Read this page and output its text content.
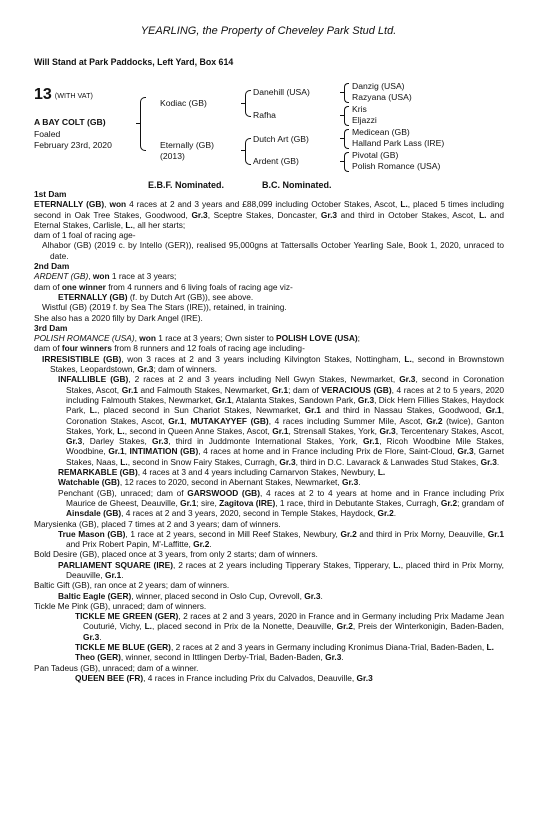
YEARLING, the Property of Cheveley Park Stud Ltd.
Will Stand at Park Paddocks, Left Yard, Box 614
13 (WITH VAT)
A BAY COLT (GB)
Foaled
February 23rd, 2020
Kodiac (GB)
Eternally (GB)
(2013)
Danehill (USA)
Rafha
Dutch Art (GB)
Ardent (GB)
Danzig (USA)
Razyana (USA)
Kris
Eljazzi
Medicean (GB)
Halland Park Lass (IRE)
Pivotal (GB)
Polish Romance (USA)
E.B.F. Nominated.	B.C. Nominated.
1st Dam
ETERNALLY (GB), won 4 races at 2 and 3 years and £88,099 including October Stakes, Ascot, L., placed 5 times including second in Oak Tree Stakes, Goodwood, Gr.3, Sceptre Stakes, Doncaster, Gr.3 and third in October Stakes, Ascot, L. and Eternal Stakes, Carlisle, L., all her starts;
dam of 1 foal of racing age-
Alhabor (GB) (2019 c. by Intello (GER)), realised 95,000gns at Tattersalls October Yearling Sale, Book 1, 2020, unraced to date.
2nd Dam
ARDENT (GB), won 1 race at 3 years;
dam of one winner from 4 runners and 6 living foals of racing age viz-
ETERNALLY (GB) (f. by Dutch Art (GB)), see above.
Wistful (GB) (2019 f. by Sea The Stars (IRE)), retained, in training.
She also has a 2020 filly by Dark Angel (IRE).
3rd Dam
POLISH ROMANCE (USA), won 1 race at 3 years; Own sister to POLISH LOVE (USA);
dam of four winners from 8 runners and 12 foals of racing age including-
IRRESISTIBLE (GB), won 3 races at 2 and 3 years including Kilvington Stakes, Nottingham, L., second in Brownstown Stakes, Leopardstown, Gr.3; dam of winners.
INFALLIBLE (GB), 2 races at 2 and 3 years including Nell Gwyn Stakes, Newmarket, Gr.3, second in Coronation Stakes, Ascot, Gr.1 and Falmouth Stakes, Newmarket, Gr.1; dam of VERACIOUS (GB), 4 races at 2 to 5 years, 2020 including Falmouth Stakes, Newmarket, Gr.1, Atalanta Stakes, Sandown Park, Gr.3, Dick Hern Fillies Stakes, Haydock Park, L., placed second in Sun Chariot Stakes, Newmarket, Gr.1 and third in Nassau Stakes, Goodwood, Gr.1, Coronation Stakes, Ascot, Gr.1, MUTAKAYYEF (GB), 4 races including Summer Mile, Ascot, Gr.2 (twice), Ganton Stakes, York, L., second in Queen Anne Stakes, Ascot, Gr.1, Strensall Stakes, York, Gr.3, Tercentenary Stakes, Ascot, Gr.3, Darley Stakes, Gr.3, third in Juddmonte International Stakes, York, Gr.1, Ricoh Woodbine Mile Stakes, Woodbine, Gr.1, INTIMATION (GB), 4 races at home and in France including Prix de Flore, Saint-Cloud, Gr.3, Garnet Stakes, Naas, L., second in Snow Fairy Stakes, Curragh, Gr.3, third in D.C. Lavarack & Lanwades Stud Stakes, Gr.3.
REMARKABLE (GB), 4 races at 3 and 4 years including Carnarvon Stakes, Newbury, L.
Watchable (GB), 12 races to 2020, second in Abernant Stakes, Newmarket, Gr.3.
Penchant (GB), unraced; dam of GARSWOOD (GB), 4 races at 2 to 4 years at home and in France including Prix Maurice de Gheest, Deauville, Gr.1; sire, Zagitova (IRE), 1 race, third in Debutante Stakes, Curragh, Gr.2; grandam of Ainsdale (GB), 4 races at 2 and 3 years, 2020, second in Temple Stakes, Haydock, Gr.2.
Marysienka (GB), placed 7 times at 2 and 3 years; dam of winners.
True Mason (GB), 1 race at 2 years, second in Mill Reef Stakes, Newbury, Gr.2 and third in Prix Morny, Deauville, Gr.1 and Prix Robert Papin, M'-Laffitte, Gr.2.
Bold Desire (GB), placed once at 3 years, from only 2 starts; dam of winners.
PARLIAMENT SQUARE (IRE), 2 races at 2 years including Tipperary Stakes, Tipperary, L., placed third in Prix Morny, Deauville, Gr.1.
Baltic Gift (GB), ran once at 2 years; dam of winners.
Baltic Eagle (GER), winner, placed second in Oslo Cup, Ovrevoll, Gr.3.
Tickle Me Pink (GB), unraced; dam of winners.
TICKLE ME GREEN (GER), 2 races at 2 and 3 years, 2020 in France and in Germany including Prix Madame Jean Couturié, Vichy, L., placed second in Prix de la Nonette, Deauville, Gr.2, Preis der Winterkonigin, Baden-Baden, Gr.3.
TICKLE ME BLUE (GER), 2 races at 2 and 3 years in Germany including Kronimus Diana-Trial, Baden-Baden, L.
Theo (GER), winner, second in Ittlingen Derby-Trial, Baden-Baden, Gr.3.
Pan Tadeus (GB), unraced; dam of a winner.
QUEEN BEE (FR), 4 races in France including Prix du Calvados, Deauville, Gr.3
